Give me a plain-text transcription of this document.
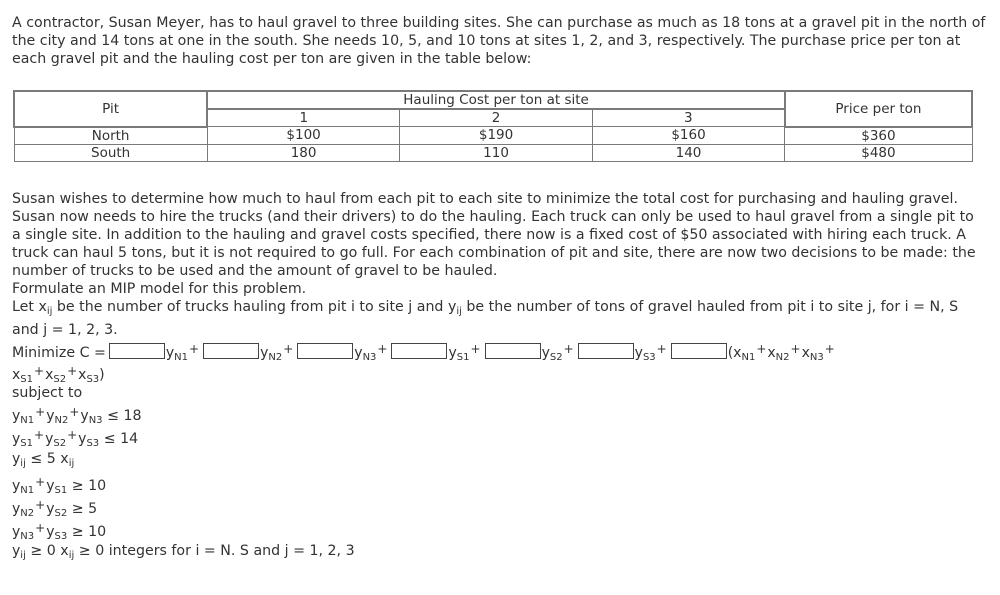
A contractor, Susan Meyer, has to haul gravel to three building sites. She can purchase as much as 18 tons at a gravel pit in the north of
the city and 14 tons at one in the south. She needs 10, 5, and 10 tons at sites 1, 2, and 3, respectively. The purchase price per ton at
each gravel pit and the hauling cost per ton are given in the table below:
Pit	Hauling Cost per ton at site			Price per ton
	1	2	3	
North	$100	$190	$160	$360
South	180	110	140	$480
Susan wishes to determine how much to haul from each pit to each site to minimize the total cost for purchasing and hauling gravel.
Susan now needs to hire the trucks (and their drivers) to do the hauling. Each truck can only be used to haul gravel from a single pit to
a single site. In addition to the hauling and gravel costs specified, there now is a fixed cost of $50 associated with hiring each truck. A
truck can haul 5 tons, but it is not required to go full. For each combination of pit and site, there are now two decisions to be made: the
number of trucks to be used and the amount of gravel to be hauled.
Formulate an MIP model for this problem.
Let $x_{ij}$ be the number of trucks hauling from pit i to site j and $y_{ij}$ be the number of tons of gravel hauled from pit i to site j, for i = N, S
and j = 1, 2, 3.
Minimize C =	$y_{N1}^+$	$y_{N2}^+$	$y_{N3}^+$	$y_{S1}^+$	$y_{S2}^+$	$y_{S3}^+$	($x_{N1}^+x_{N2}^+x_{N3}^+$
$x_{S1}^+x_{S2}^+x_{S3}$)
subject to
$y_{N1}^+y_{N2}^+y_{N3} \le 18$
$y_{S1}^+y_{S2}^+y_{S3} \le 14$
$y_{ij} \le 5$ $x_{ij}$
$y_{N1}^+y_{S1} \ge 10$
$y_{N2}^+y_{S2} \ge 5$
$y_{N3}^+y_{S3} \ge 10$
$y_{ij} \ge 0$ $x_{ij} \ge 0$ integers for i = N. S and j = 1, 2, 3
